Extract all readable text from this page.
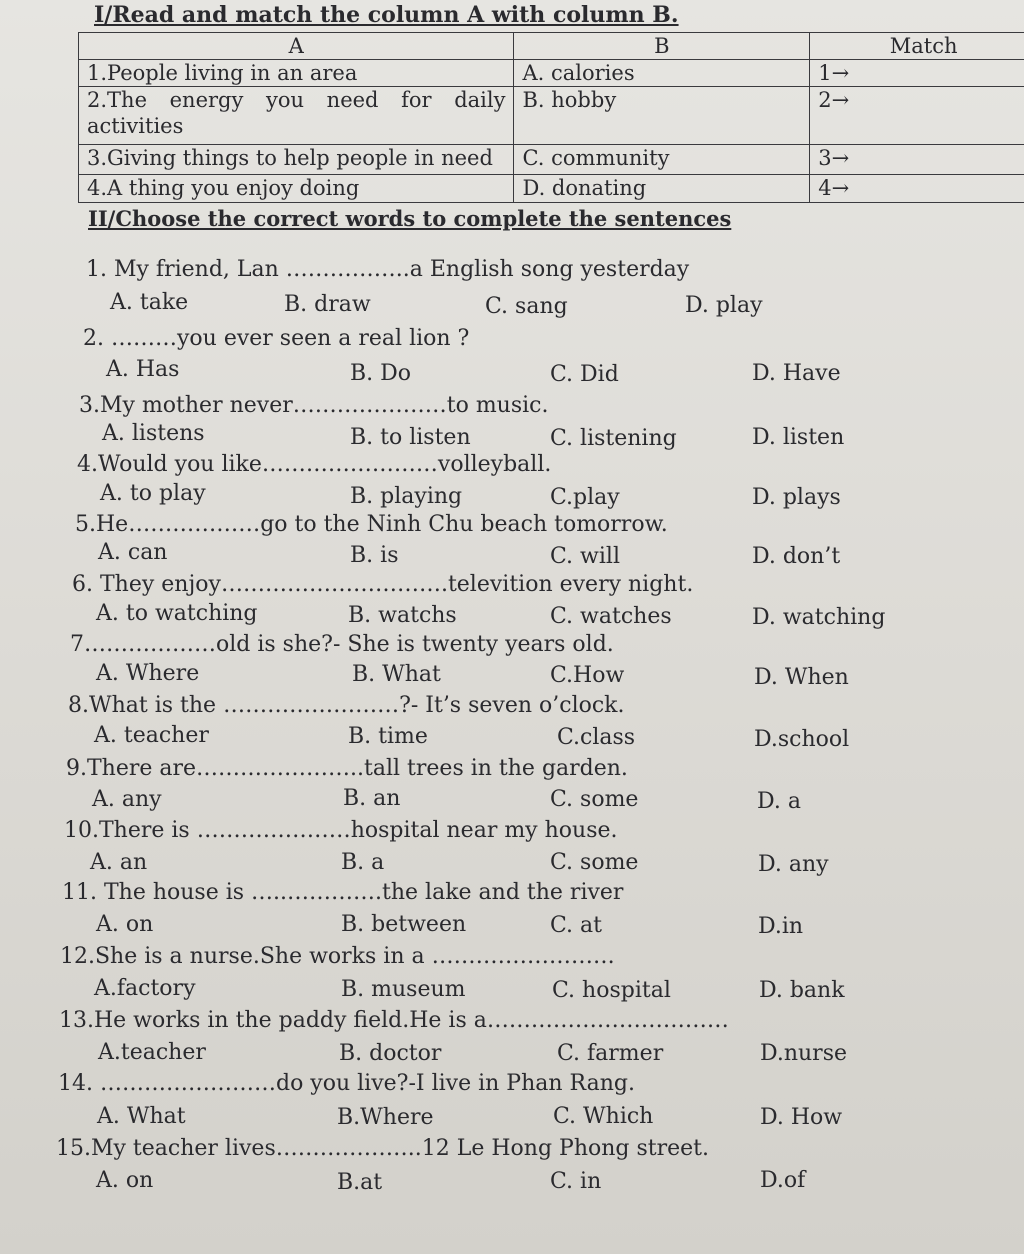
I/Read and match the column A with column B.
A	B	Match
1.People living in an area	A. calories	1→
2.The energy you need for daily activities	B. hobby	2→
3.Giving things to help people in need	C. community	3→
4.A thing you enjoy doing	D. donating	4→
II/Choose the correct words to complete the sentences
1. My friend, Lan ……………..a English song yesterday
A. take	B. draw	C. sang	D. play
2. ………you ever seen a real lion ?
A. Has	B. Do	C. Did	D. Have
3.My mother never…………………to music.
A. listens	B. to listen	C. listening	D. listen
4.Would you like……………………volleyball.
A. to play	B. playing	C.play	D. plays
5.He………………go to the Ninh Chu beach tomorrow.
A. can	B. is	C. will	D. don’t
6. They enjoy………………………….televition every night.
A. to watching	B. watchs	C. watches	D. watching
7………………old is she?- She is twenty years old.
A. Where	B. What	C.How	D. When
8.What is the ……………………?- It’s seven o’clock.
A. teacher	B. time	C.class	D.school
9.There are…………………..tall trees in the garden.
A. any	B. an	C. some	D. a
10.There is …………………hospital near my house.
A. an	B. a	C. some	D. any
11. The house is …..………….the lake and the river
A. on	B. between	C. at	D.in
12.She is a nurse.She works in a …………………….
A.factory	B. museum	C. hospital	D. bank
13.He works in the paddy field.He is a……………………………
A.teacher	B. doctor	C. farmer	D.nurse
14. ……………………do you live?-I live in Phan Rang.
A. What	B.Where	C. Which	D. How
15.My teacher lives………………..12 Le Hong Phong street.
A. on	B.at	C. in	D.of
